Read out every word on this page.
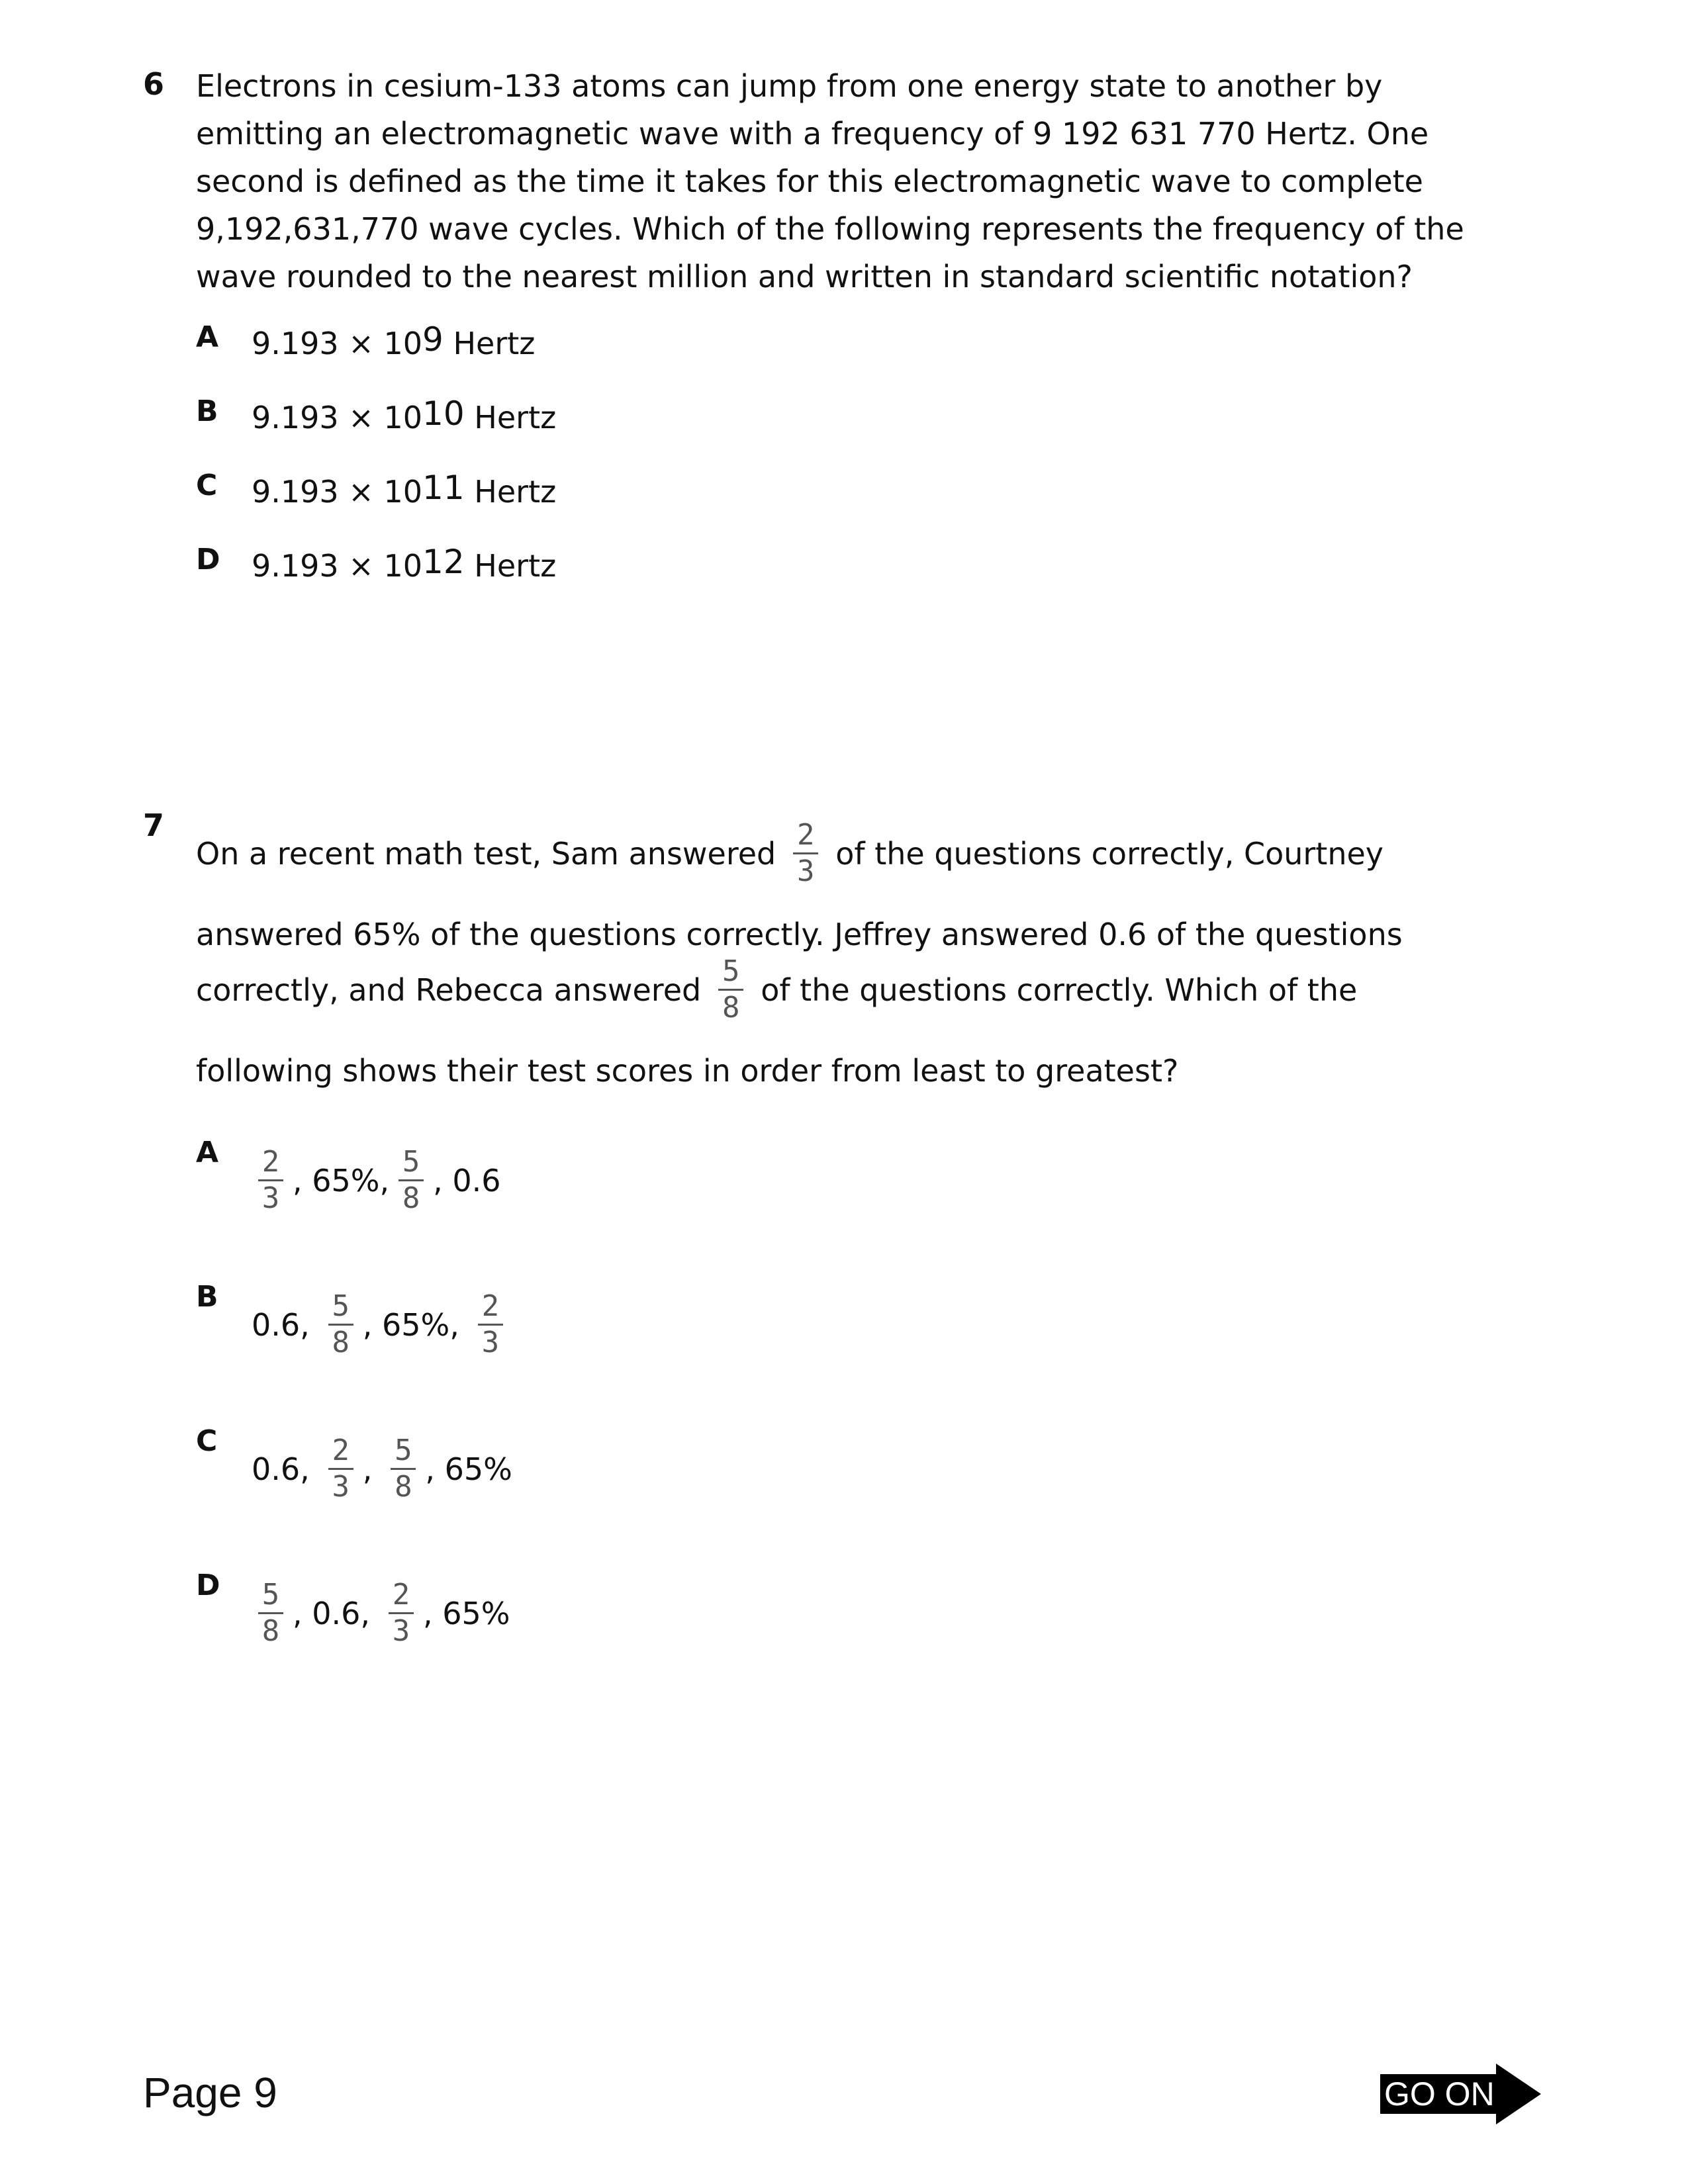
6 Electrons in cesium-133 atoms can jump from one energy state to another by
emitting an electromagnetic wave with a frequency of 9 192 631 770 Hertz. One
second is defined as the time it takes for this electromagnetic wave to complete
9,192,631,770 wave cycles. Which of the following represents the frequency of the
wave rounded to the nearest million and written in standard scientific notation?
A $9.193 \times 10^9$
Hertz
B $9.193 \times 10^{10}$
Hertz
C $9.193 \times 10^{11}$
Hertz
D $9.193 \times 10^{12}$
Hertz
7
On a recent math test, Sam answered $\frac{2}{3}$ of the questions correctly, Courtney
answered 65% of the questions correctly. Jeffrey answered 0.6 of the questions
correctly, and Rebecca answered $\frac{5}{8}$ of the questions correctly. Which of the
following shows their test scores in order from least to greatest?
A $\frac{2}{3}$ , 65%, $\frac{5}{8}$ , 0.6
B
0.6, $\frac{5}{8}$ , 65%, $\frac{2}{3}$
C
0.6, $\frac{2}{3}$ , $\frac{5}{8}$ , 65%
D $\frac{5}{8}$ , 0.6, $\frac{2}{3}$ , 65%
Page 9	GO ON
